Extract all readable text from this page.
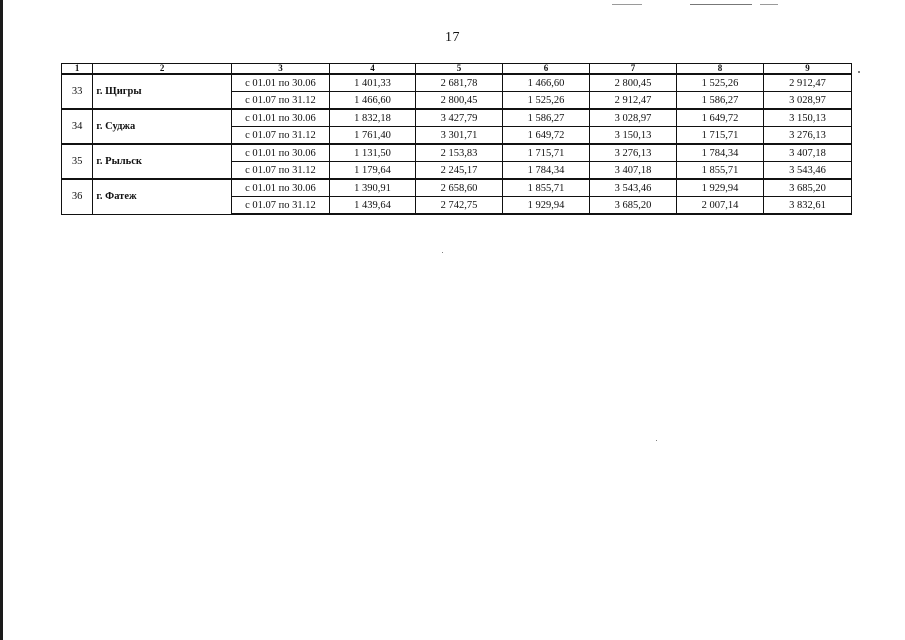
17
1	2	3	4	5	6	7	8	9
33	г. Щигры	с 01.01 по 30.06	1 401,33	2 681,78	1 466,60	2 800,45	1 525,26	2 912,47
		с 01.07 по 31.12	1 466,60	2 800,45	1 525,26	2 912,47	1 586,27	3 028,97
34	г. Суджа	с 01.01 по 30.06	1 832,18	3 427,79	1 586,27	3 028,97	1 649,72	3 150,13
		с 01.07 по 31.12	1 761,40	3 301,71	1 649,72	3 150,13	1 715,71	3 276,13
35	г. Рыльск	с 01.01 по 30.06	1 131,50	2 153,83	1 715,71	3 276,13	1 784,34	3 407,18
		с 01.07 по 31.12	1 179,64	2 245,17	1 784,34	3 407,18	1 855,71	3 543,46
36	г. Фатеж	с 01.01 по 30.06	1 390,91	2 658,60	1 855,71	3 543,46	1 929,94	3 685,20
		с 01.07 по 31.12	1 439,64	2 742,75	1 929,94	3 685,20	2 007,14	3 832,61
